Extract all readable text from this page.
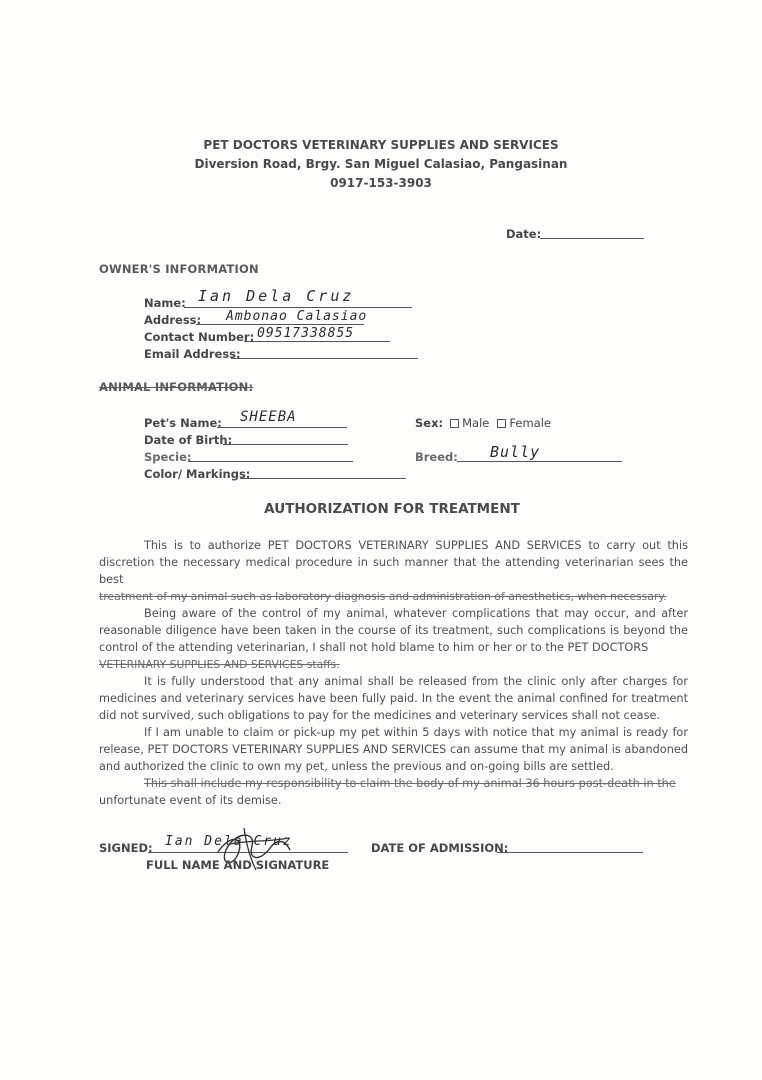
PET DOCTORS VETERINARY SUPPLIES AND SERVICES
Diversion Road, Brgy. San Miguel Calasiao, Pangasinan
0917-153-3903
Date:
OWNER'S INFORMATION
Name: Ian Dela Cruz
Address: Ambonao Calasiao
Contact Number: 09517338855
Email Address:
ANIMAL INFORMATION:
Pet's Name: SHEEBA
Date of Birth:
Specie:
Color/ Markings:
Sex: Male Female
Breed: Bully
AUTHORIZATION FOR TREATMENT

This is to authorize PET DOCTORS VETERINARY SUPPLIES AND SERVICES to carry out this discretion the necessary medical procedure in such manner that the attending veterinarian sees the best

treatment of my animal such as laboratory diagnosis and administration of anesthetics, when necessary.

Being aware of the control of my animal, whatever complications that may occur, and after reasonable diligence have been taken in the course of its treatment, such complications is beyond the control of the attending veterinarian, I shall not hold blame to him or her or to the PET DOCTORS

VETERINARY SUPPLIES AND SERVICES staffs.

It is fully understood that any animal shall be released from the clinic only after charges for medicines and veterinary services have been fully paid. In the event the animal confined for treatment did not survived, such obligations to pay for the medicines and veterinary services shall not cease.

If I am unable to claim or pick-up my pet within 5 days with notice that my animal is ready for release, PET DOCTORS VETERINARY SUPPLIES AND SERVICES can assume that my animal is abandoned and authorized the clinic to own my pet, unless the previous and on-going bills are settled.

This shall include my responsibility to claim the body of my animal 36 hours post-death in the

unfortunate event of its demise.
SIGNED: Ian Dela Cruz
FULL NAME AND SIGNATURE
DATE OF ADMISSION:
